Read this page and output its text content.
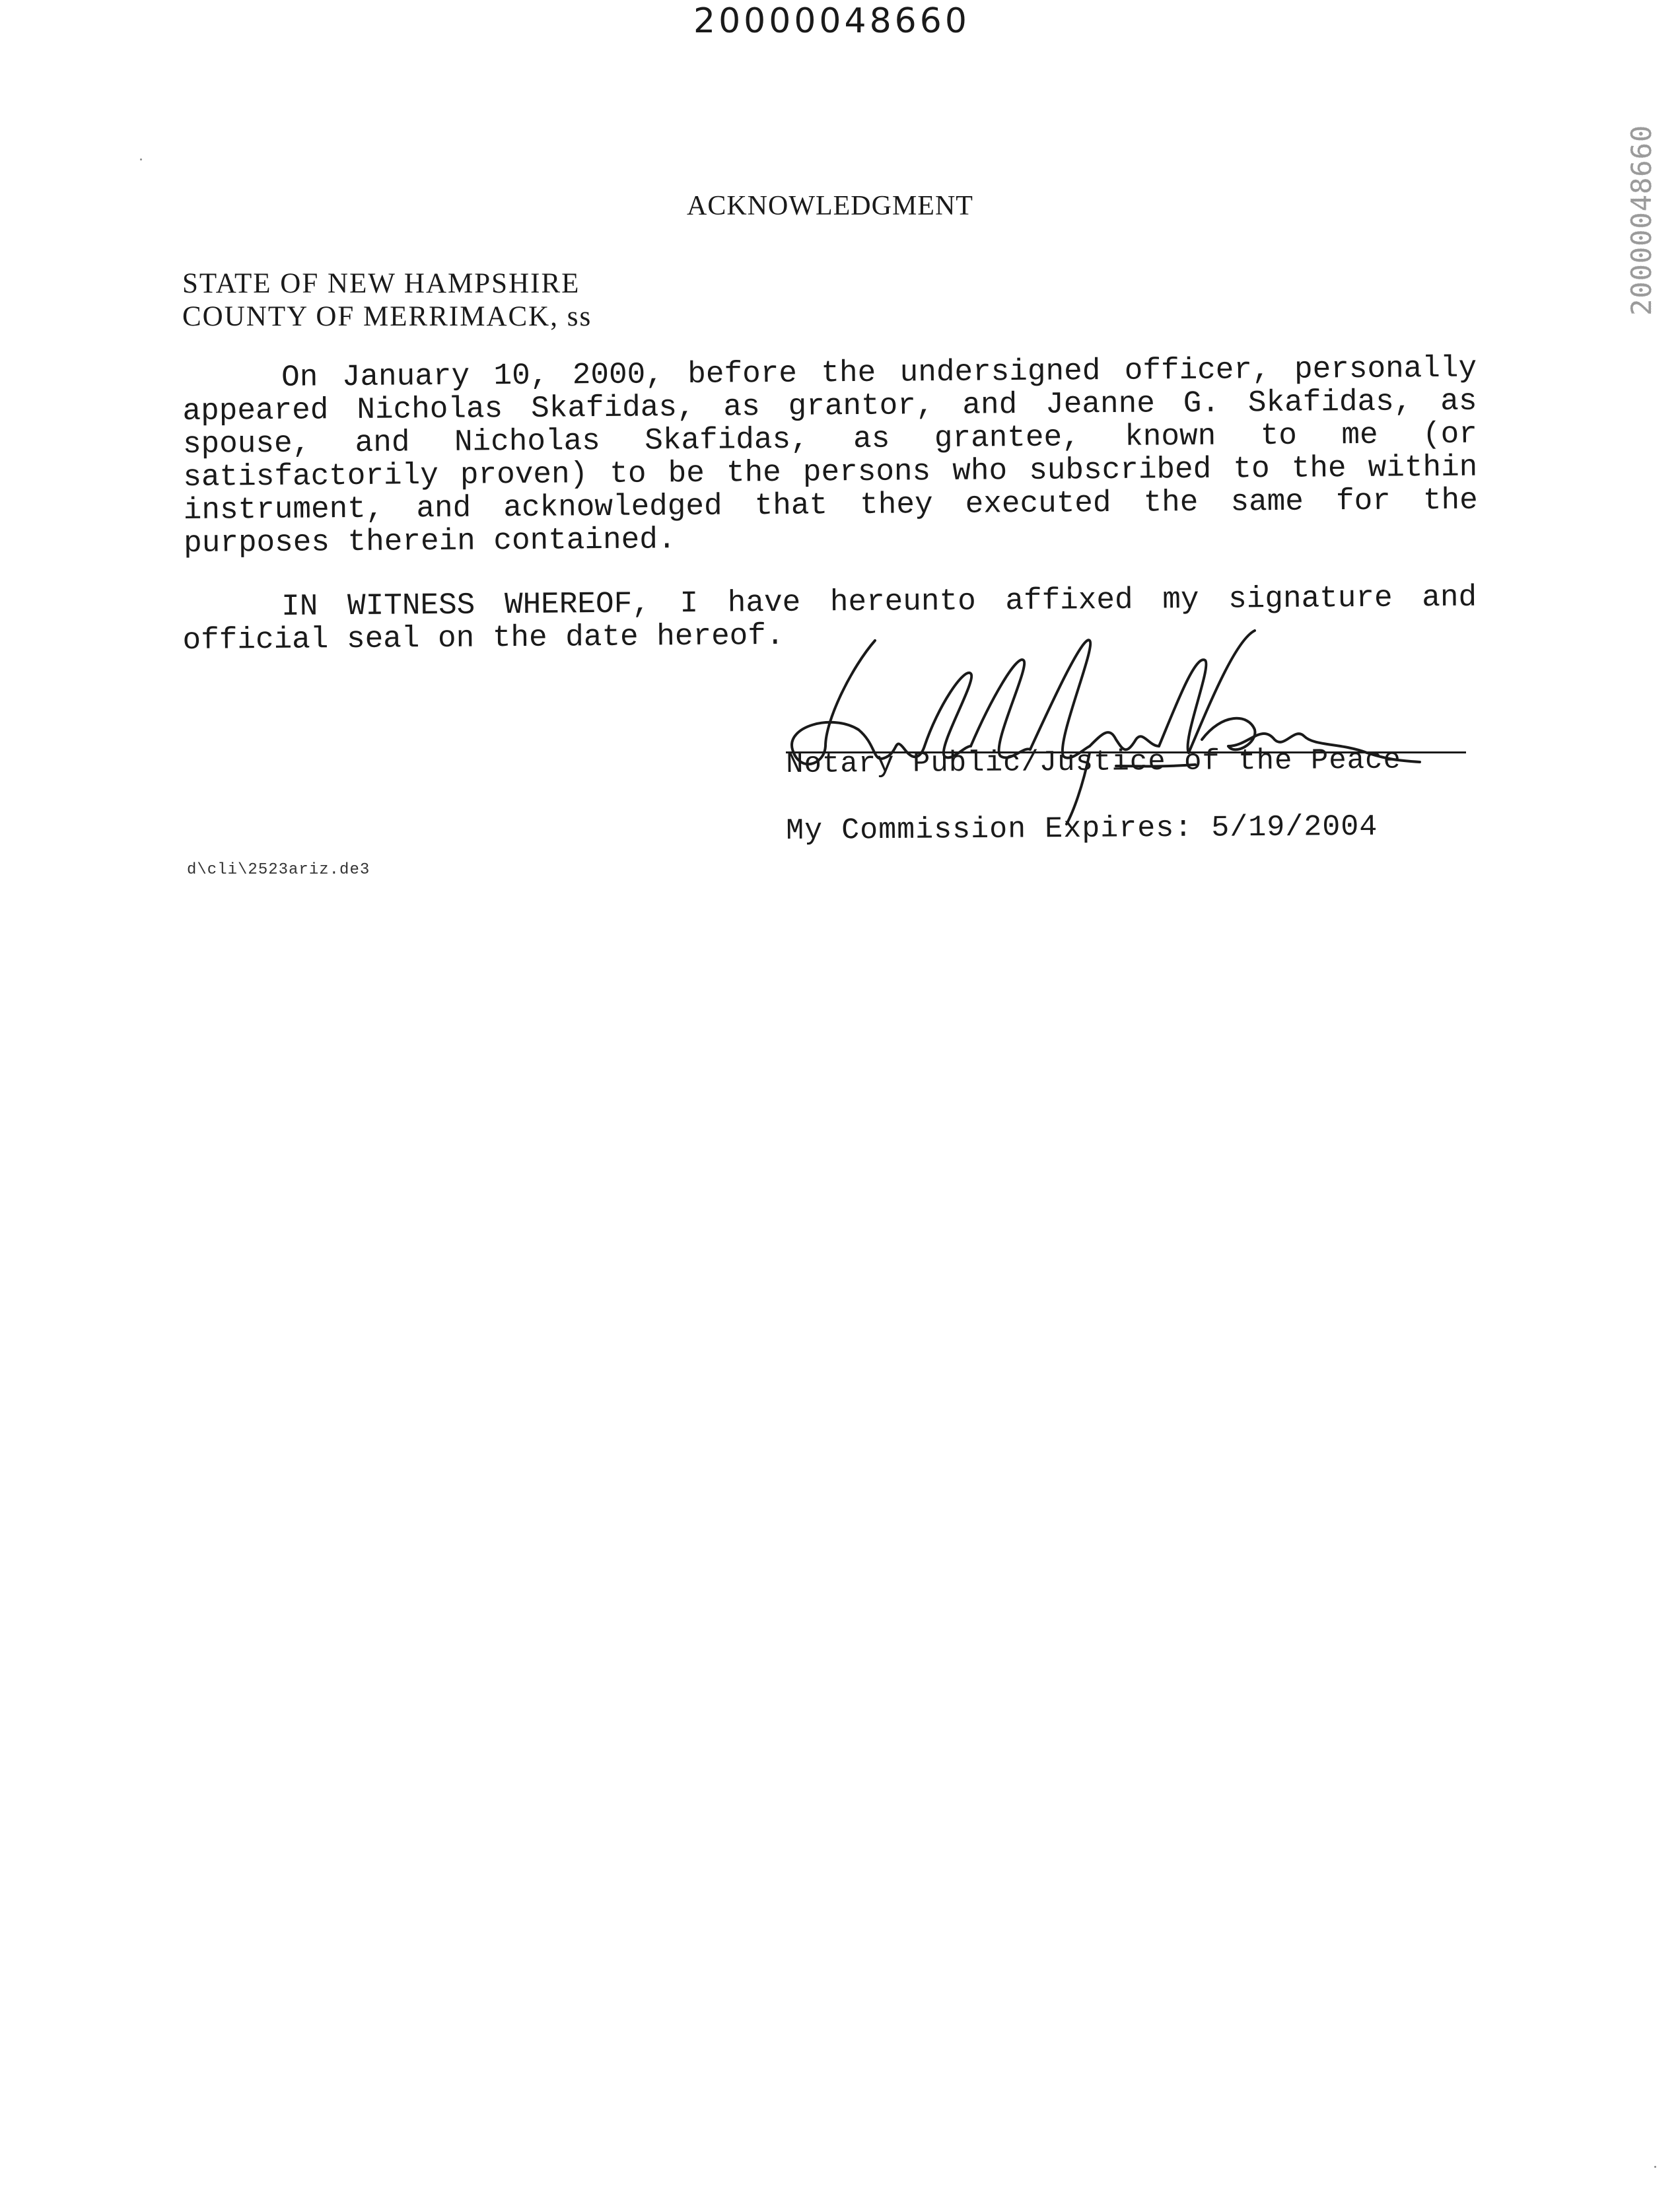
20000048660
20000048660
ACKNOWLEDGMENT
STATE OF NEW HAMPSHIRE
COUNTY OF MERRIMACK, ss
On January 10, 2000, before the undersigned officer, personally appeared Nicholas Skafidas, as grantor, and Jeanne G. Skafidas, as spouse, and Nicholas Skafidas, as grantee, known to me (or satisfactorily proven) to be the persons who subscribed to the within instrument, and acknowledged that they executed the same for the purposes therein contained.
IN WITNESS WHEREOF, I have hereunto affixed my signature and official seal on the date hereof.
Notary Public/Justice of the Peace
My Commission Expires: 5/19/2004
d\cli\2523ariz.de3
